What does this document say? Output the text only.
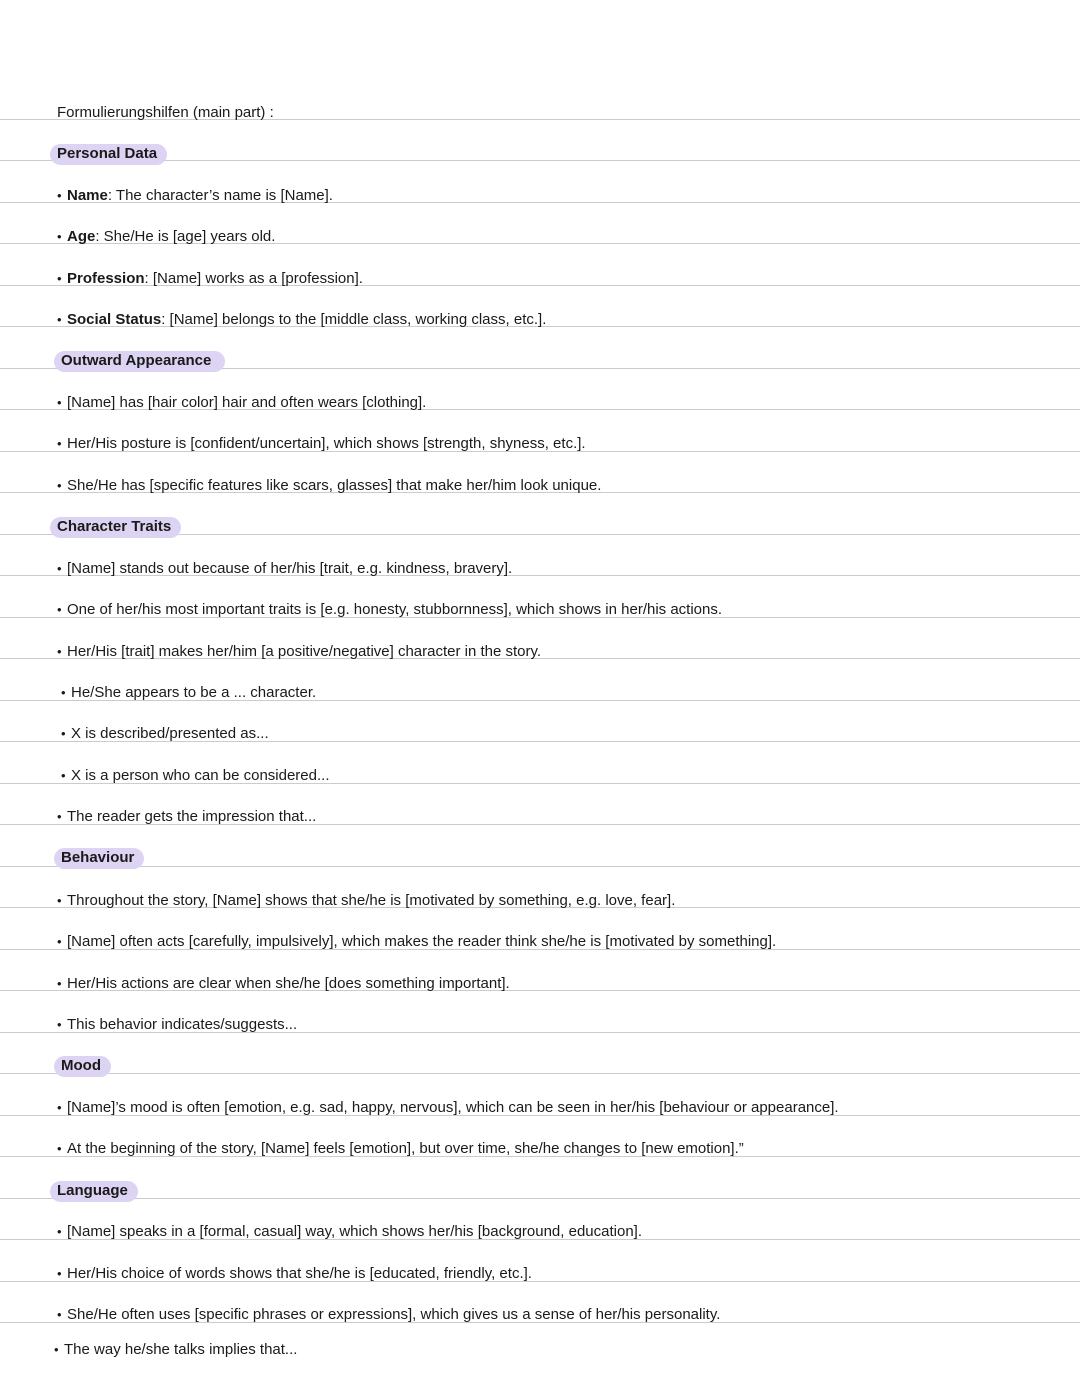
Formulierungshilfen (main part) :
Personal Data
• Name: The character’s name is [Name].
• Age: She/He is [age] years old.
• Profession: [Name] works as a [profession].
• Social Status: [Name] belongs to the [middle class, working class, etc.].
Outward Appearance
• [Name] has [hair color] hair and often wears [clothing].
• Her/His posture is [confident/uncertain], which shows [strength, shyness, etc.].
• She/He has [specific features like scars, glasses] that make her/him look unique.
Character Traits
• [Name] stands out because of her/his [trait, e.g. kindness, bravery].
• One of her/his most important traits is [e.g. honesty, stubbornness], which shows in her/his actions.
• Her/His [trait] makes her/him [a positive/negative] character in the story.
• He/She appears to be a ... character.
• X is described/presented as...
• X is a person who can be considered...
• The reader gets the impression that...
Behaviour
• Throughout the story, [Name] shows that she/he is [motivated by something, e.g. love, fear].
• [Name] often acts [carefully, impulsively], which makes the reader think she/he is [motivated by something].
• Her/His actions are clear when she/he [does something important].
• This behavior indicates/suggests...
Mood
• [Name]’s mood is often [emotion, e.g. sad, happy, nervous], which can be seen in her/his [behaviour or appearance].
• At the beginning of the story, [Name] feels [emotion], but over time, she/he changes to [new emotion].”
Language
• [Name] speaks in a [formal, casual] way, which shows her/his [background, education].
• Her/His choice of words shows that she/he is [educated, friendly, etc.].
• She/He often uses [specific phrases or expressions], which gives us a sense of her/his personality.
• The way he/she talks implies that...
